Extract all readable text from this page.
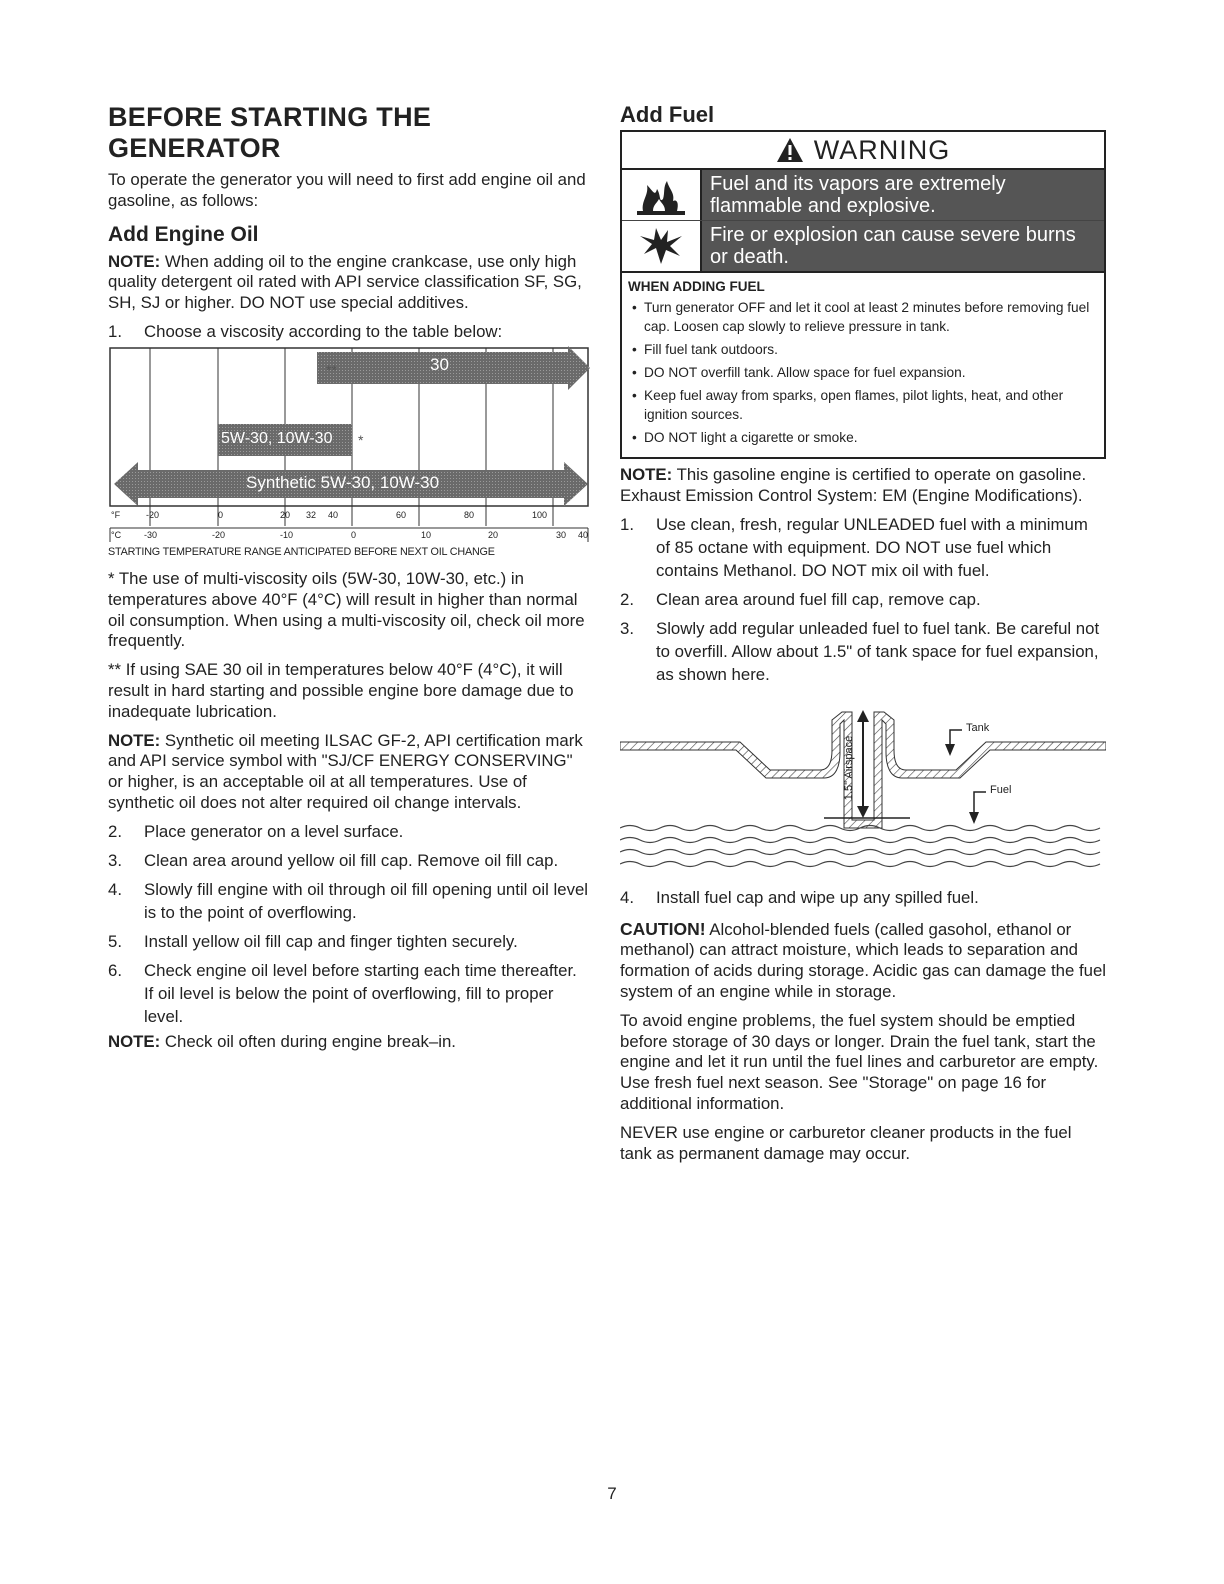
BEFORE STARTING THE GENERATOR

To operate the generator you will need to first add engine oil and gasoline, as follows:

Add Engine Oil

NOTE: When adding oil to the engine crankcase, use only high quality detergent oil rated with API service classification SF, SG, SH, SJ or higher. DO NOT use special additives.

1. Choose a viscosity according to the table below:
30
**
5W-30, 10W-30 *
Synthetic 5W-30, 10W-30
°F
°C
-20	0	20 32 40	60	80	100
-30	-20	-10	0	10	20	30 40
STARTING TEMPERATURE RANGE ANTICIPATED BEFORE NEXT OIL CHANGE

* The use of multi-viscosity oils (5W-30, 10W-30, etc.) in temperatures above 40°F (4°C) will result in higher than normal oil consumption. When using a multi-viscosity oil, check oil more frequently.

** If using SAE 30 oil in temperatures below 40°F (4°C), it will result in hard starting and possible engine bore damage due to inadequate lubrication.

NOTE: Synthetic oil meeting ILSAC GF-2, API certification mark and API service symbol with "SJ/CF ENERGY CONSERVING" or higher, is an acceptable oil at all temperatures. Use of synthetic oil does not alter required oil change intervals.

2. Place generator on a level surface.
3. Clean area around yellow oil fill cap. Remove oil fill cap.
4. Slowly fill engine with oil through oil fill opening until oil level is to the point of overflowing.
5. Install yellow oil fill cap and finger tighten securely.
6. Check engine oil level before starting each time thereafter. If oil level is below the point of overflowing, fill to proper level.

NOTE: Check oil often during engine break–in.

Add Fuel
WARNING
Fuel and its vapors are extremely flammable and explosive.
Fire or explosion can cause severe burns or death.
WHEN ADDING FUEL
• Turn generator OFF and let it cool at least 2 minutes before removing fuel cap. Loosen cap slowly to relieve pressure in tank.
• Fill fuel tank outdoors.
• DO NOT overfill tank. Allow space for fuel expansion.
• Keep fuel away from sparks, open flames, pilot lights, heat, and other ignition sources.
• DO NOT light a cigarette or smoke.

NOTE: This gasoline engine is certified to operate on gasoline. Exhaust Emission Control System: EM (Engine Modifications).

1. Use clean, fresh, regular UNLEADED fuel with a minimum of 85 octane with equipment. DO NOT use fuel which contains Methanol. DO NOT mix oil with fuel.
2. Clean area around fuel fill cap, remove cap.
3. Slowly add regular unleaded fuel to fuel tank. Be careful not to overfill. Allow about 1.5" of tank space for fuel expansion, as shown here.
Tank
Fuel
1.5" Airspace
4. Install fuel cap and wipe up any spilled fuel.

CAUTION! Alcohol-blended fuels (called gasohol, ethanol or methanol) can attract moisture, which leads to separation and formation of acids during storage. Acidic gas can damage the fuel system of an engine while in storage.

To avoid engine problems, the fuel system should be emptied before storage of 30 days or longer. Drain the fuel tank, start the engine and let it run until the fuel lines and carburetor are empty. Use fresh fuel next season. See "Storage" on page 16 for additional information.

NEVER use engine or carburetor cleaner products in the fuel tank as permanent damage may occur.

7
